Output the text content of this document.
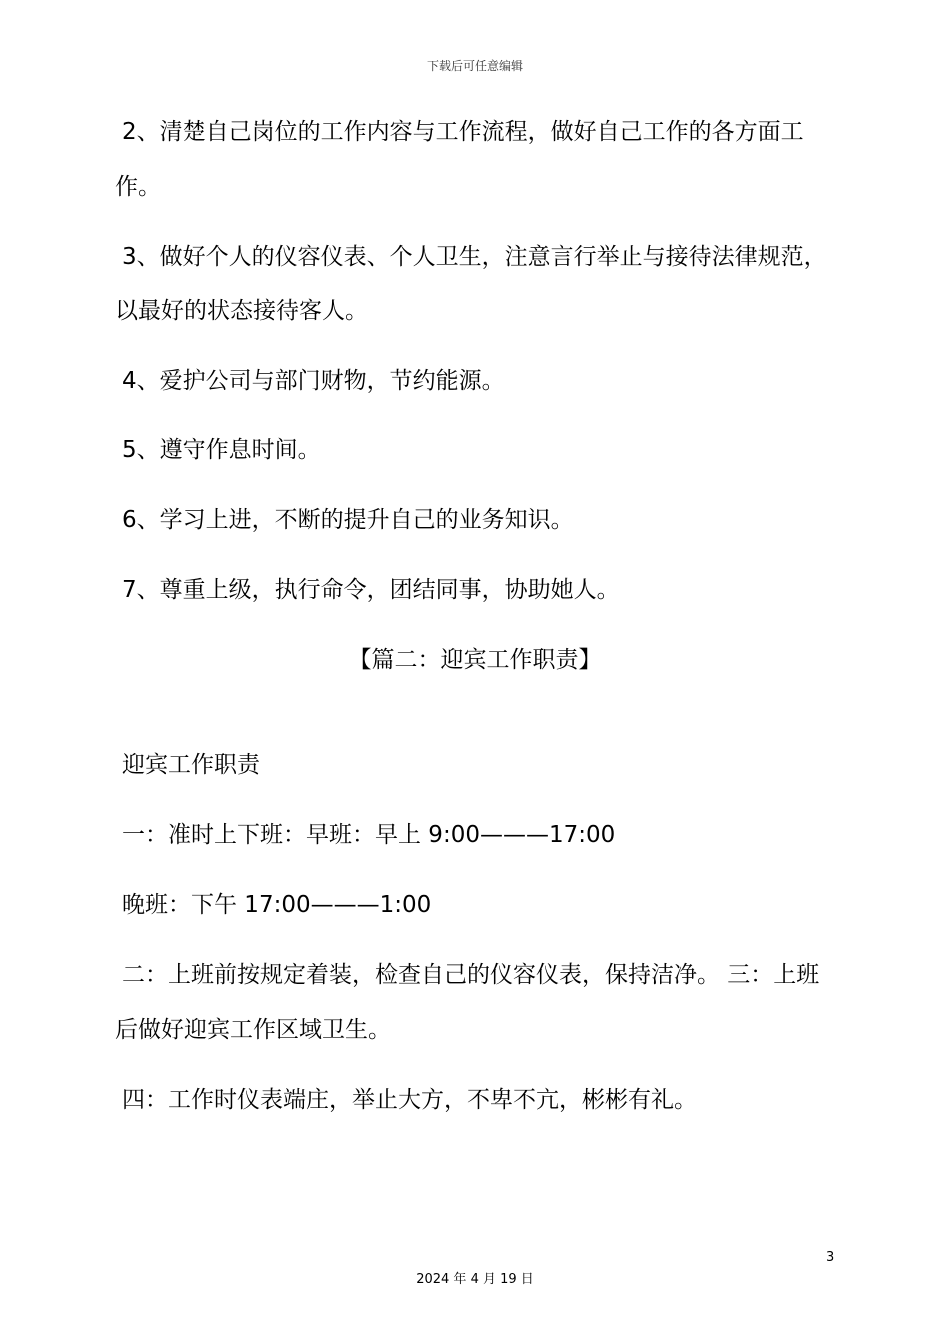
下载后可任意编辑
2、清楚自己岗位的工作内容与工作流程，做好自己工作的各方面工
作。
3、做好个人的仪容仪表、个人卫生，注意言行举止与接待法律规范，
以最好的状态接待客人。
4、爱护公司与部门财物，节约能源。
5、遵守作息时间。
6、学习上进，不断的提升自己的业务知识。
7、尊重上级，执行命令，团结同事，协助她人。
【篇二：迎宾工作职责】
迎宾工作职责
一：准时上下班：早班：早上 9:00———17:00
晚班：下午 17:00———1:00
二：上班前按规定着装，检查自己的仪容仪表，保持洁净。 三：上班
后做好迎宾工作区域卫生。
四：工作时仪表端庄，举止大方，不卑不亢，彬彬有礼。
3
2024 年 4 月 19 日
